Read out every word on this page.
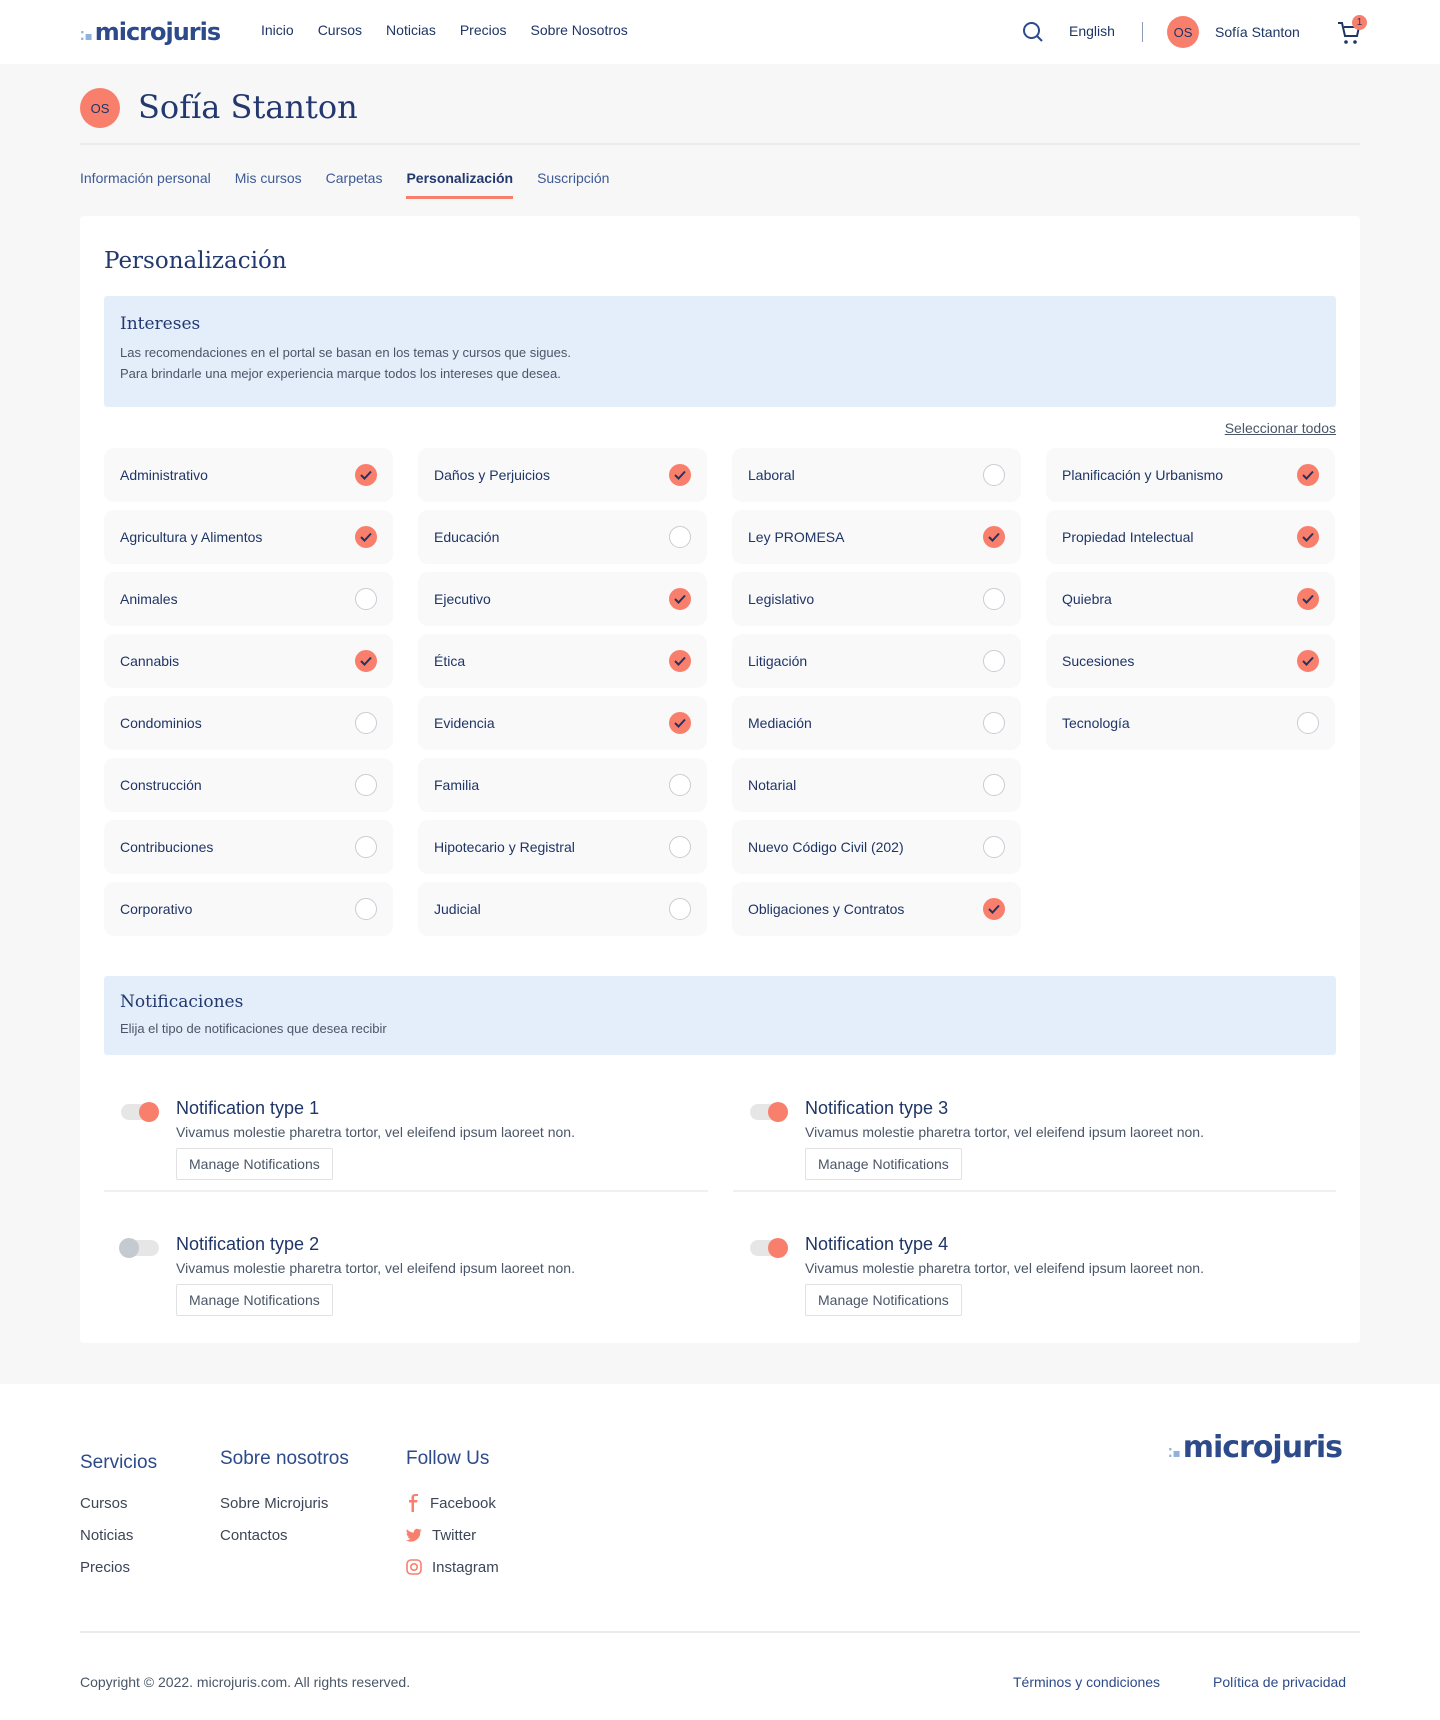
⁚▪microjuris	Inicio Cursos Noticias Precios Sobre Nosotros	English	OS Sofía Stanton
1
OS Sofía Stanton
Información personal Mis cursos Carpetas Personalización Suscripción
Personalización
Intereses

Las recomendaciones en el portal se basan en los temas y cursos que sigues.

Para brindarle una mejor experiencia marque todos los intereses que desea.

Seleccionar todos
Administrativo
Agricultura y Alimentos
Animales
Cannabis
Condominios
Construcción
Contribuciones
Corporativo
Daños y Perjuicios
Educación
Ejecutivo
Ética
Evidencia
Familia
Hipotecario y Registral
Judicial
Laboral
Ley PROMESA
Legislativo
Litigación
Mediación
Notarial
Nuevo Código Civil (202)
Obligaciones y Contratos
Planificación y Urbanismo
Propiedad Intelectual
Quiebra
Sucesiones
Tecnología
Notificaciones

Elija el tipo de notificaciones que desea recibir

Notification type 1
Vivamus molestie pharetra tortor, vel eleifend ipsum laoreet non.
Manage Notifications
Notification type 3
Vivamus molestie pharetra tortor, vel eleifend ipsum laoreet non.
Manage Notifications
Notification type 2
Vivamus molestie pharetra tortor, vel eleifend ipsum laoreet non.
Manage Notifications
Notification type 4
Vivamus molestie pharetra tortor, vel eleifend ipsum laoreet non.
Manage Notifications
Servicios
Cursos
Noticias
Precios
Sobre nosotros
Sobre Microjuris
Contactos
Follow Us
Facebook
Twitter
Instagram
⁚▪microjuris
Copyright © 2022. microjuris.com. All rights reserved.	Términos y condiciones	Política de privacidad
